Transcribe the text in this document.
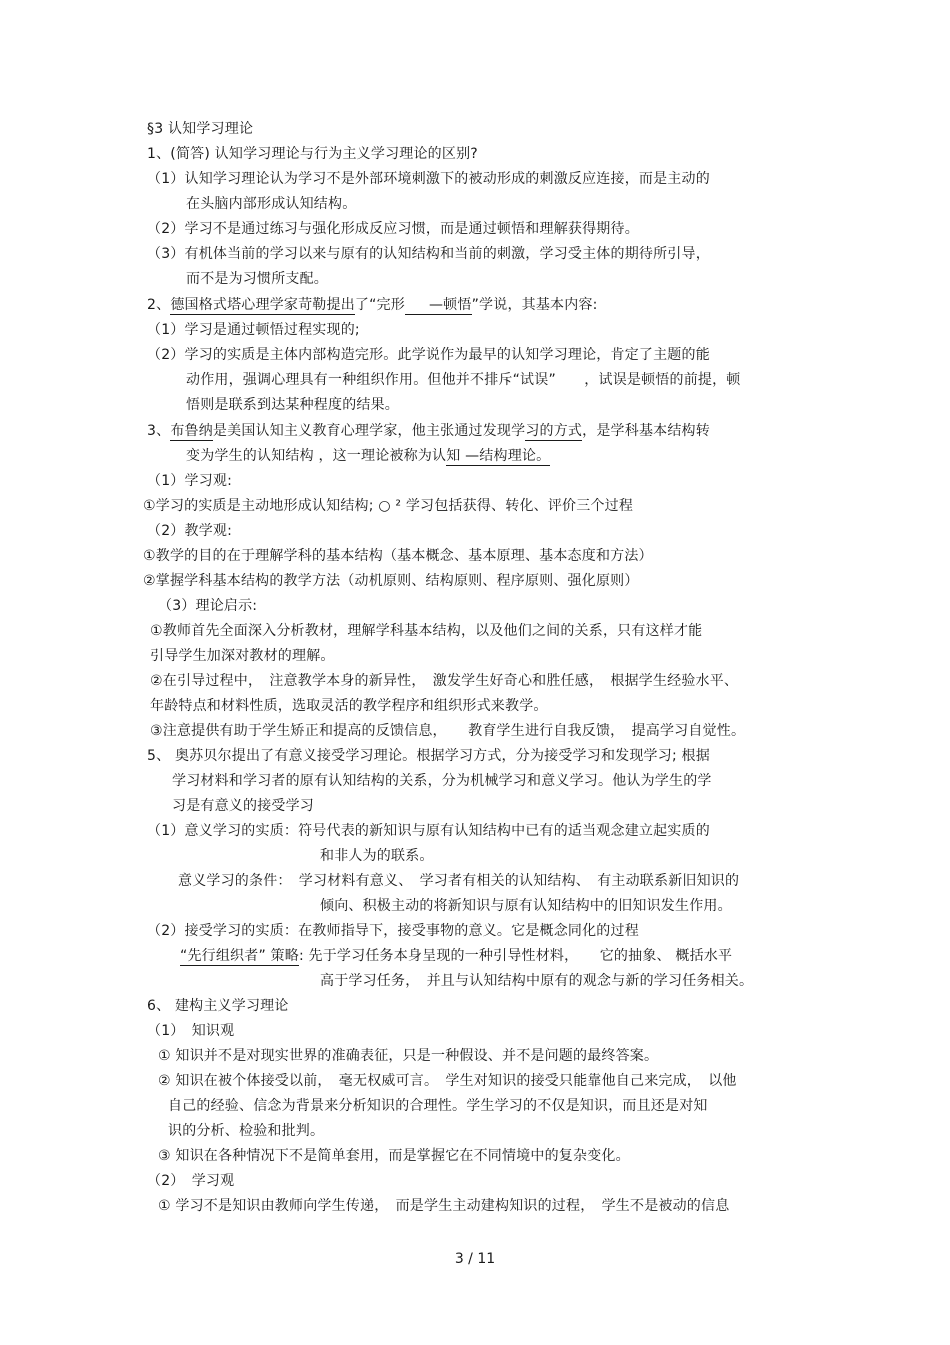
§3 认知学习理论
1、(简答) 认知学习理论与行为主义学习理论的区别?
（1）认知学习理论认为学习不是外部环境刺激下的被动形成的刺激反应连接，而是主动的
在头脑内部形成认知结构。
（2）学习不是通过练习与强化形成反应习惯，而是通过顿悟和理解获得期待。
（3）有机体当前的学习以来与原有的认知结构和当前的刺激，学习受主体的期待所引导，
而不是为习惯所支配。
2、德国格式塔心理学家苛勒提出了“完形 —顿悟”学说，其基本内容:
（1）学习是通过顿悟过程实现的;
（2）学习的实质是主体内部构造完形。此学说作为最早的认知学习理论，肯定了主题的能
动作用，强调心理具有一种组织作用。但他并不排斥“试误”　　，试误是顿悟的前提，顿
悟则是联系到达某种程度的结果。
3、布鲁纳是美国认知主义教育心理学家，他主张通过发现学习的方式，是学科基本结构转
变为学生的认知结构 ，这一理论被称为认知 —结构理论。
（1）学习观:
①学习的实质是主动地形成认知结构; ○ ² 学习包括获得、转化、评价三个过程
（2）教学观:
①教学的目的在于理解学科的基本结构（基本概念、基本原理、基本态度和方法）
②掌握学科基本结构的教学方法（动机原则、结构原则、程序原则、强化原则）
（3）理论启示:
①教师首先全面深入分析教材，理解学科基本结构，以及他们之间的关系，只有这样才能
引导学生加深对教材的理解。
②在引导过程中，　注意教学本身的新异性，　激发学生好奇心和胜任感，　根据学生经验水平、
年龄特点和材料性质，选取灵活的教学程序和组织形式来教学。
③注意提供有助于学生矫正和提高的反馈信息，　　教育学生进行自我反馈，　提高学习自觉性。
5、 奥苏贝尔提出了有意义接受学习理论。根据学习方式，分为接受学习和发现学习; 根据
学习材料和学习者的原有认知结构的关系，分为机械学习和意义学习。他认为学生的学
习是有意义的接受学习
（1）意义学习的实质：符号代表的新知识与原有认知结构中已有的适当观念建立起实质的
和非人为的联系。
意义学习的条件：　学习材料有意义、　学习者有相关的认知结构、　有主动联系新旧知识的
倾向、积极主动的将新知识与原有认知结构中的旧知识发生作用。
（2）接受学习的实质：在教师指导下，接受事物的意义。它是概念同化的过程
“先行组织者” 策略: 先于学习任务本身呈现的一种引导性材料，　　它的抽象、 概括水平
高于学习任务，　并且与认知结构中原有的观念与新的学习任务相关。
6、 建构主义学习理论
（1）　知识观
① 知识并不是对现实世界的准确表征，只是一种假设、并不是问题的最终答案。
② 知识在被个体接受以前，　毫无权威可言。　学生对知识的接受只能靠他自己来完成，　以他
自己的经验、信念为背景来分析知识的合理性。学生学习的不仅是知识，而且还是对知
识的分析、检验和批判。
③ 知识在各种情况下不是简单套用，而是掌握它在不同情境中的复杂变化。
（2）　学习观
① 学习不是知识由教师向学生传递，　而是学生主动建构知识的过程，　学生不是被动的信息
3 / 11
